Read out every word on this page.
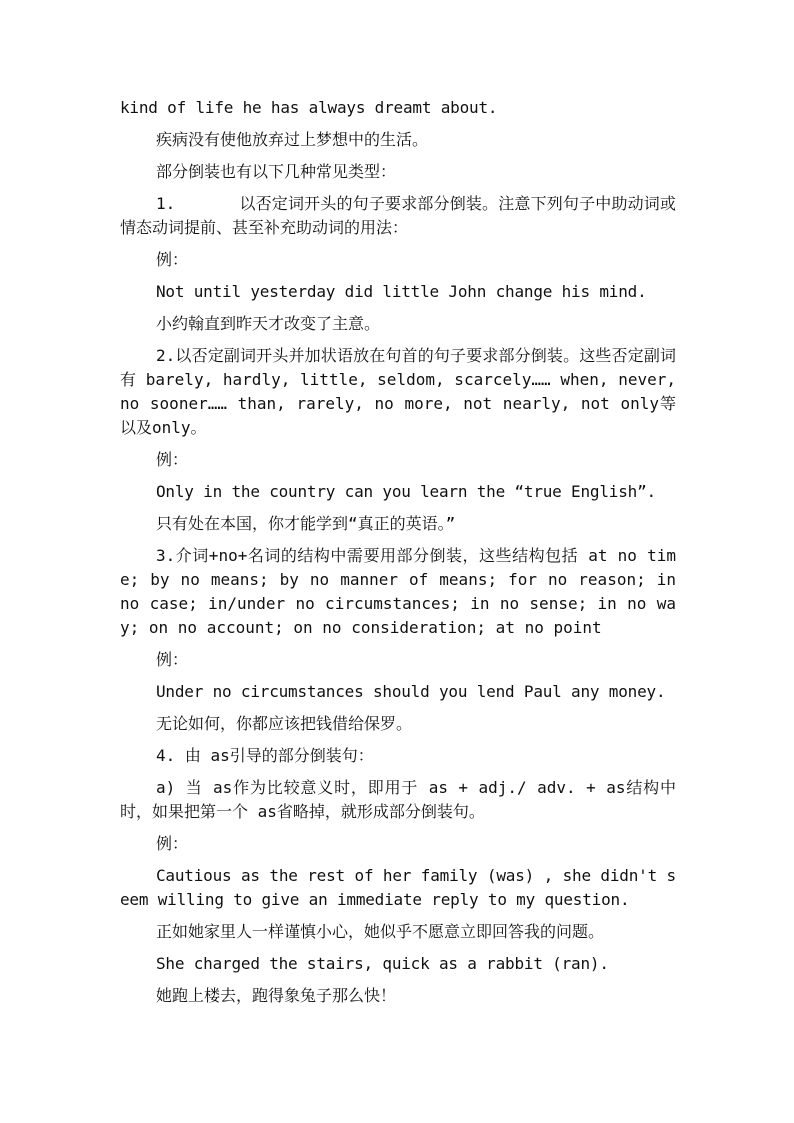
kind of life he has always dreamt about.

疾病没有使他放弃过上梦想中的生活。

部分倒装也有以下几种常见类型：

1.	以否定词开头的句子要求部分倒装。注意下列句子中助动词或情态动词提前、甚至补充助动词的用法：

例：

Not until yesterday did little John change his mind.

小约翰直到昨天才改变了主意。

2.以否定副词开头并加状语放在句首的句子要求部分倒装。这些否定副词有 barely, hardly, little, seldom, scarcely…… when, never, no sooner…… than, rarely, no more, not nearly, not only等以及only。

例：

Only in the country can you learn the “true English”.

只有处在本国，你才能学到“真正的英语。”

3.介词+no+名词的结构中需要用部分倒装，这些结构包括 at no time; by no means; by no manner of means; for no reason; in no case; in/under no circumstances; in no sense; in no way; on no account; on no consideration; at no point

例：

Under no circumstances should you lend Paul any money.

无论如何，你都应该把钱借给保罗。

4. 由 as引导的部分倒装句：

a) 当 as作为比较意义时，即用于 as + adj./ adv. + as结构中时，如果把第一个 as省略掉，就形成部分倒装句。

例：

Cautious as the rest of her family (was) , she didn't seem willing to give an immediate reply to my question.

正如她家里人一样谨慎小心，她似乎不愿意立即回答我的问题。

She charged the stairs, quick as a rabbit (ran).

她跑上楼去，跑得象兔子那么快！
